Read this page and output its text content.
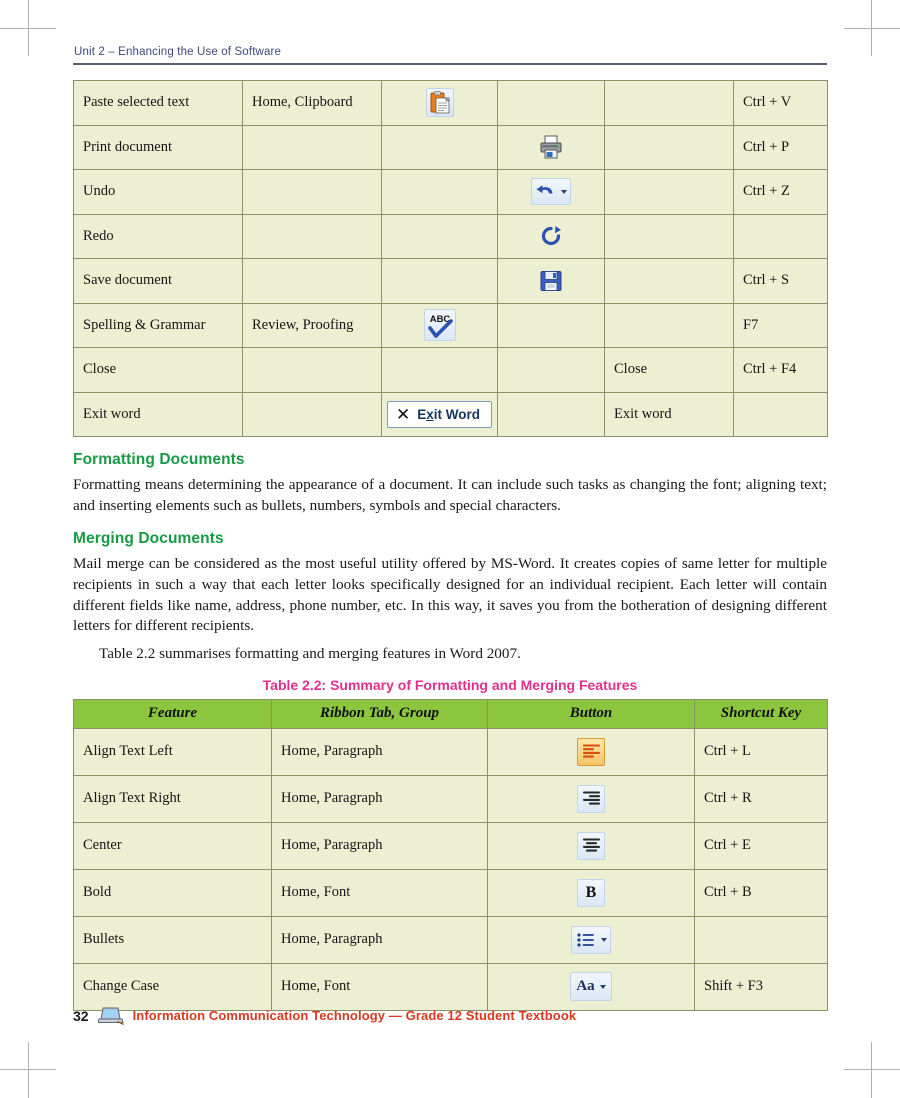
Unit 2 – Enhancing the Use of Software
Paste selected text	Home, Clipboard				Ctrl + V
Print document					Ctrl + P
Undo					Ctrl + Z
Redo			

Save document					Ctrl + S
Spelling & Grammar	Review, Proofing	ABC			F7
Close				Close	Ctrl + F4
Exit word		✕ Exit Word		Exit word	
Formatting Documents

Formatting means determining the appearance of a document. It can include such tasks as changing the font; aligning text; and inserting elements such as bullets, numbers, symbols and special characters.

Merging Documents

Mail merge can be considered as the most useful utility offered by MS-Word. It creates copies of same letter for multiple recipients in such a way that each letter looks specifically designed for an individual recipient. Each letter will contain different fields like name, address, phone number, etc. In this way, it saves you from the botheration of designing different letters for different recipients.

Table 2.2 summarises formatting and merging features in Word 2007.

Table 2.2: Summary of Formatting and Merging Features
Feature	Ribbon Tab, Group	Button	Shortcut Key
Align Text Left	Home, Paragraph		Ctrl + L
Align Text Right	Home, Paragraph		Ctrl + R
Center	Home, Paragraph		Ctrl + E
Bold	Home, Font	B	Ctrl + B
Bullets	Home, Paragraph	

Change Case	Home, Font	Aa	Shift + F3
32	Information Communication Technology — Grade 12 Student Textbook
